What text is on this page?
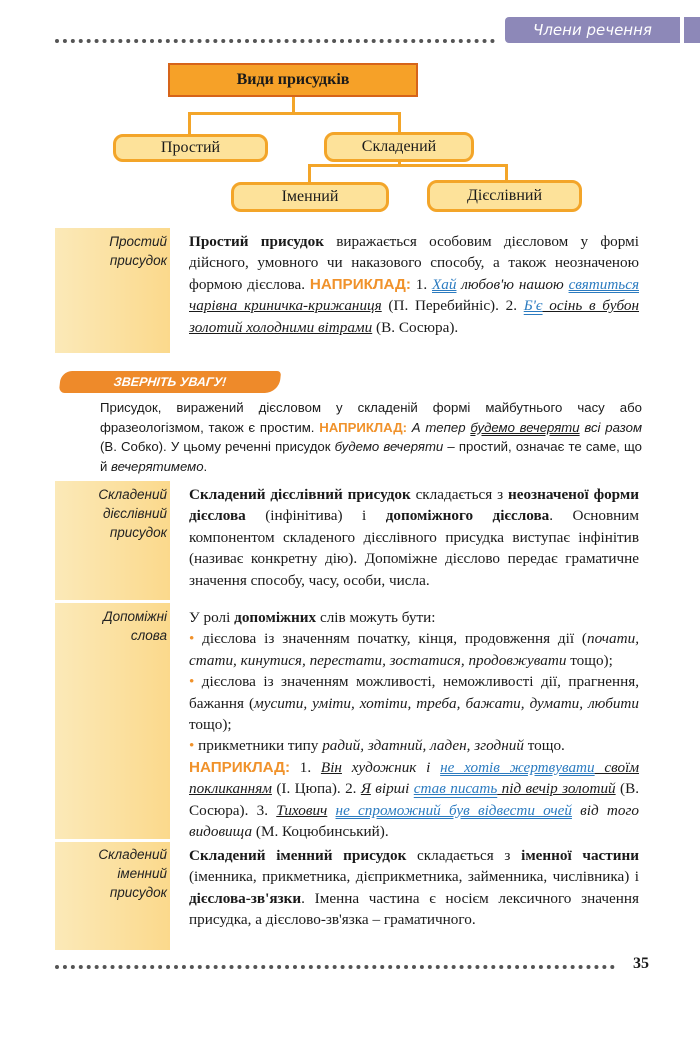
Члени речення
Види присудків
Простий	Складений
Іменний	Дієслівний
Простий
присудок

Простий присудок виражається особовим дієсловом у формі дійсного, умовного чи наказового способу, а також неозначеною формою дієслова. НАПРИКЛАД: 1. Хай любов'ю нашою святиться чарівна криничка-крижаниця (П. Перебийніс). 2. Б'є осінь в бубон золотий холодними вітрами (В. Сосюра).

ЗВЕРНІТЬ УВАГУ!

Присудок, виражений дієсловом у складеній формі майбутнього часу або фразеологізмом, також є простим. НАПРИКЛАД: А тепер будемо вечеряти всі разом (В. Собко). У цьому реченні присудок будемо вечеряти – простий, означає те саме, що й вечерятимемо.

Складений
дієслівний
присудок

Складений дієслівний присудок складається з неозначеної форми дієслова (інфінітива) і допоміжного дієслова. Основним компонентом складеного дієслівного присудка виступає інфінітив (називає конкретну дію). Допоміжне дієслово передає граматичне значення способу, часу, особи, числа.

Допоміжні
слова

У ролі допоміжних слів можуть бути:

• дієслова із значенням початку, кінця, продовження дії (почати, стати, кинутися, перестати, зостатися, продовжувати тощо);

• дієслова із значенням можливості, неможливості дії, прагнення, бажання (мусити, уміти, хотіти, треба, бажати, думати, любити тощо);

• прикметники типу радий, здатний, ладен, згодний тощо.

НАПРИКЛАД: 1. Він художник і не хотів жертвувати своїм покликанням (І. Цюпа). 2. Я вірші став писать під вечір золотий (В. Сосюра). 3. Тихович не спроможний був відвести очей від того видовища (М. Коцюбинський).

Складений
іменний
присудок

Складений іменний присудок складається з іменної частини (іменника, прикметника, дієприкметника, займенника, числівника) і дієслова-зв'язки. Іменна частина є носієм лексичного значення присудка, а дієслово-зв'язка – граматичного.

35
